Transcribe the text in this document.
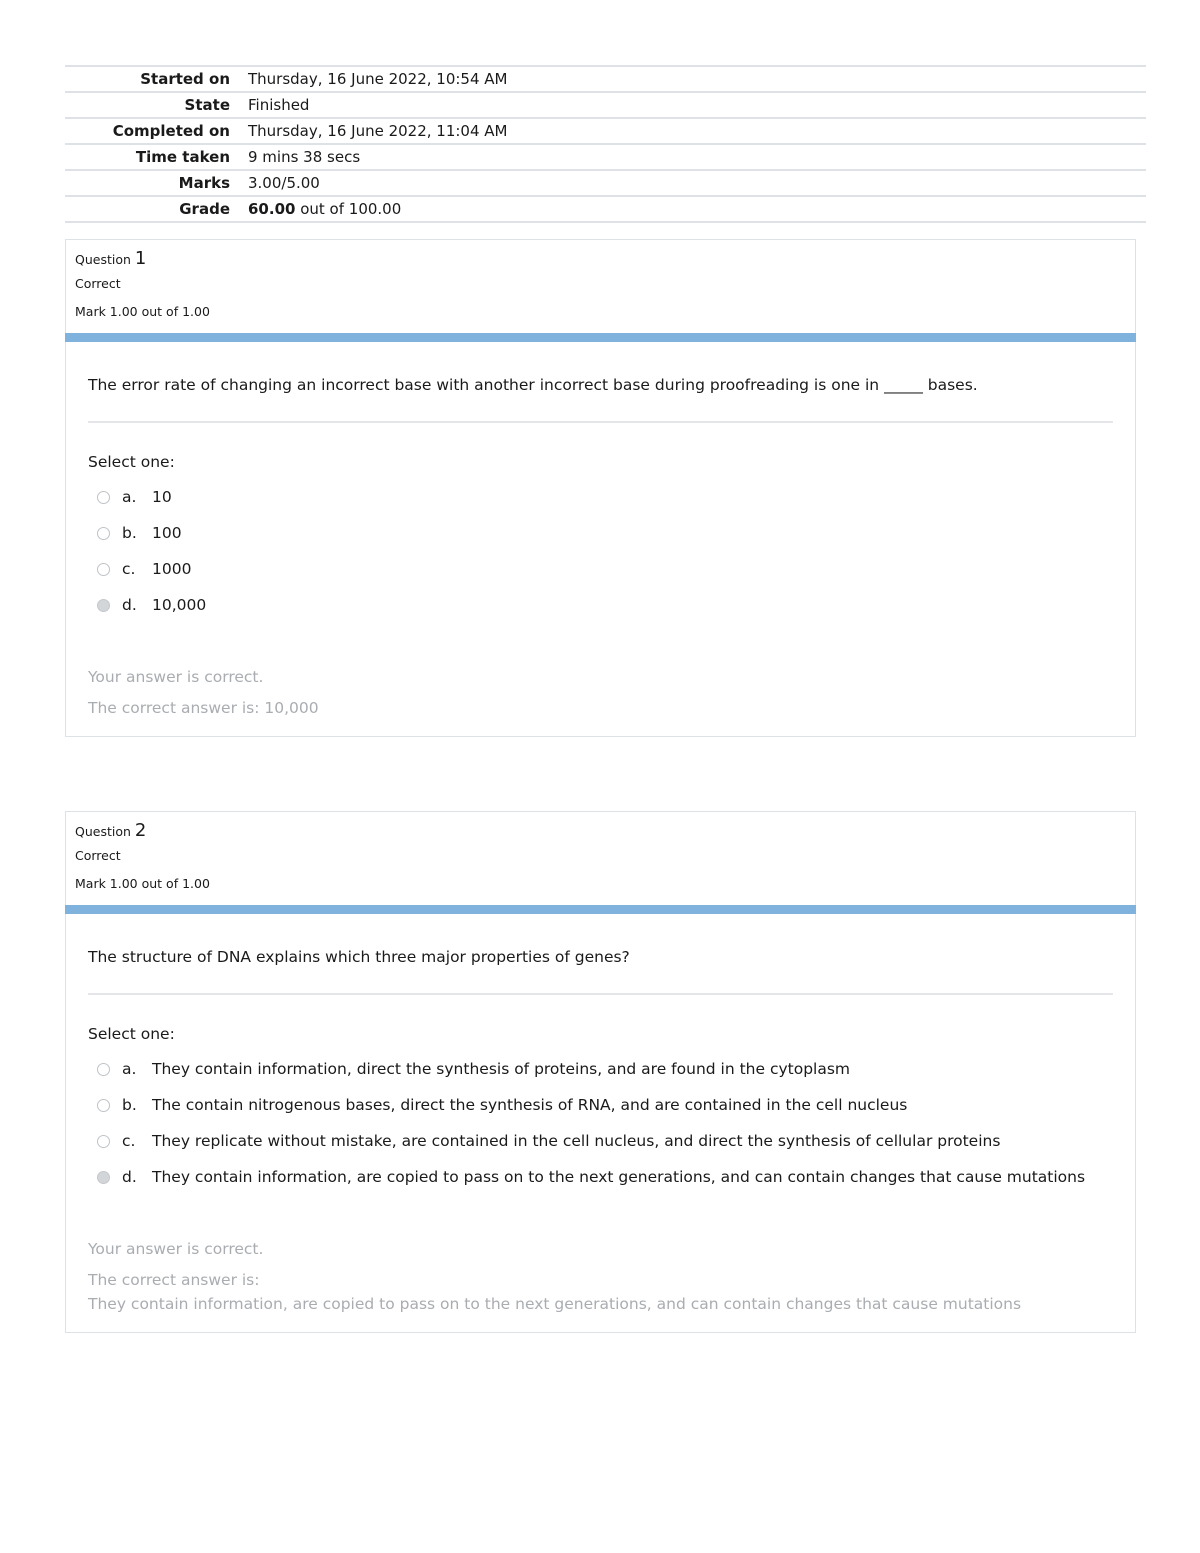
Started on	Thursday, 16 June 2022, 10:54 AM
State	Finished
Completed on	Thursday, 16 June 2022, 11:04 AM
Time taken	9 mins 38 secs
Marks	3.00/5.00
Grade	60.00 out of 100.00
Question 1
Correct
Mark 1.00 out of 1.00
The error rate of changing an incorrect base with another incorrect base during proofreading is one in _____ bases.
Select one:
a.	10
b. 100
c.	1000
d. 10,000
Your answer is correct.
The correct answer is: 10,000
Question 2
Correct
Mark 1.00 out of 1.00
The structure of DNA explains which three major properties of genes?
Select one:
a.	They contain information, direct the synthesis of proteins, and are found in the cytoplasm
b. The contain nitrogenous bases, direct the synthesis of RNA, and are contained in the cell nucleus
c.	They replicate without mistake, are contained in the cell nucleus, and direct the synthesis of cellular proteins
d. They contain information, are copied to pass on to the next generations, and can contain changes that cause mutations
Your answer is correct.
The correct answer is:
They contain information, are copied to pass on to the next generations, and can contain changes that cause mutations
